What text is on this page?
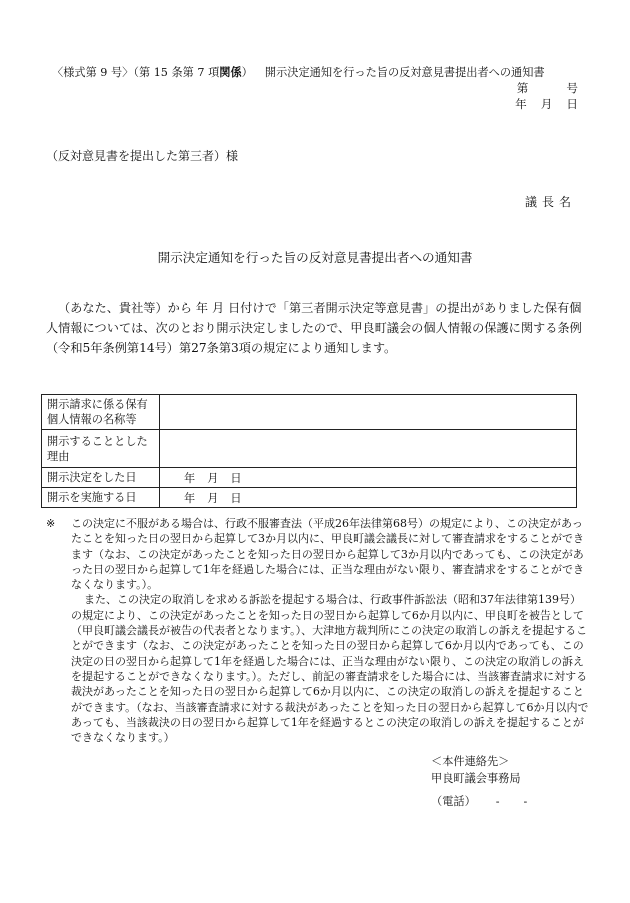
〈様式第 9 号〉（第 15 条第 7 項関係） 開示決定通知を行った旨の反対意見書提出者への通知書
第	号
年 月 日
（反対意見書を提出した第三者）様
議長名
開示決定通知を行った旨の反対意見書提出者への通知書
（あなた、貴社等）から 年 月 日付けで「第三者開示決定等意見書」の提出がありました保有個人情報については、次のとおり開示決定しましたので、甲良町議会の個人情報の保護に関する条例（令和5年条例第14号）第27条第3項の規定により通知します。
開示請求に係る保有個人情報の名称等	
開示することとした理由	
開示決定をした日	年 月 日
開示を実施する日	年 月 日

※ この決定に不服がある場合は、行政不服審査法（平成26年法律第68号）の規定により、この決定があったことを知った日の翌日から起算して3か月以内に、甲良町議会議長に対して審査請求をすることができます（なお、この決定があったことを知った日の翌日から起算して3か月以内であっても、この決定があった日の翌日から起算して1年を経過した場合には、正当な理由がない限り、審査請求をすることができなくなります。）。

また、この決定の取消しを求める訴訟を提起する場合は、行政事件訴訟法（昭和37年法律第139号）の規定により、この決定があったことを知った日の翌日から起算して6か月以内に、甲良町を被告として（甲良町議会議長が被告の代表者となります。）、大津地方裁判所にこの決定の取消しの訴えを提起することができます（なお、この決定があったことを知った日の翌日から起算して6か月以内であっても、この決定の日の翌日から起算して1年を経過した場合には、正当な理由がない限り、この決定の取消しの訴えを提起することができなくなります。）。ただし、前記の審査請求をした場合には、当該審査請求に対する裁決があったことを知った日の翌日から起算して6か月以内に、この決定の取消しの訴えを提起することができます。（なお、当該審査請求に対する裁決があったことを知った日の翌日から起算して6か月以内であっても、当該裁決の日の翌日から起算して1年を経過するとこの決定の取消しの訴えを提起することができなくなります。）

＜本件連絡先＞
甲良町議会事務局
（電話） - -
